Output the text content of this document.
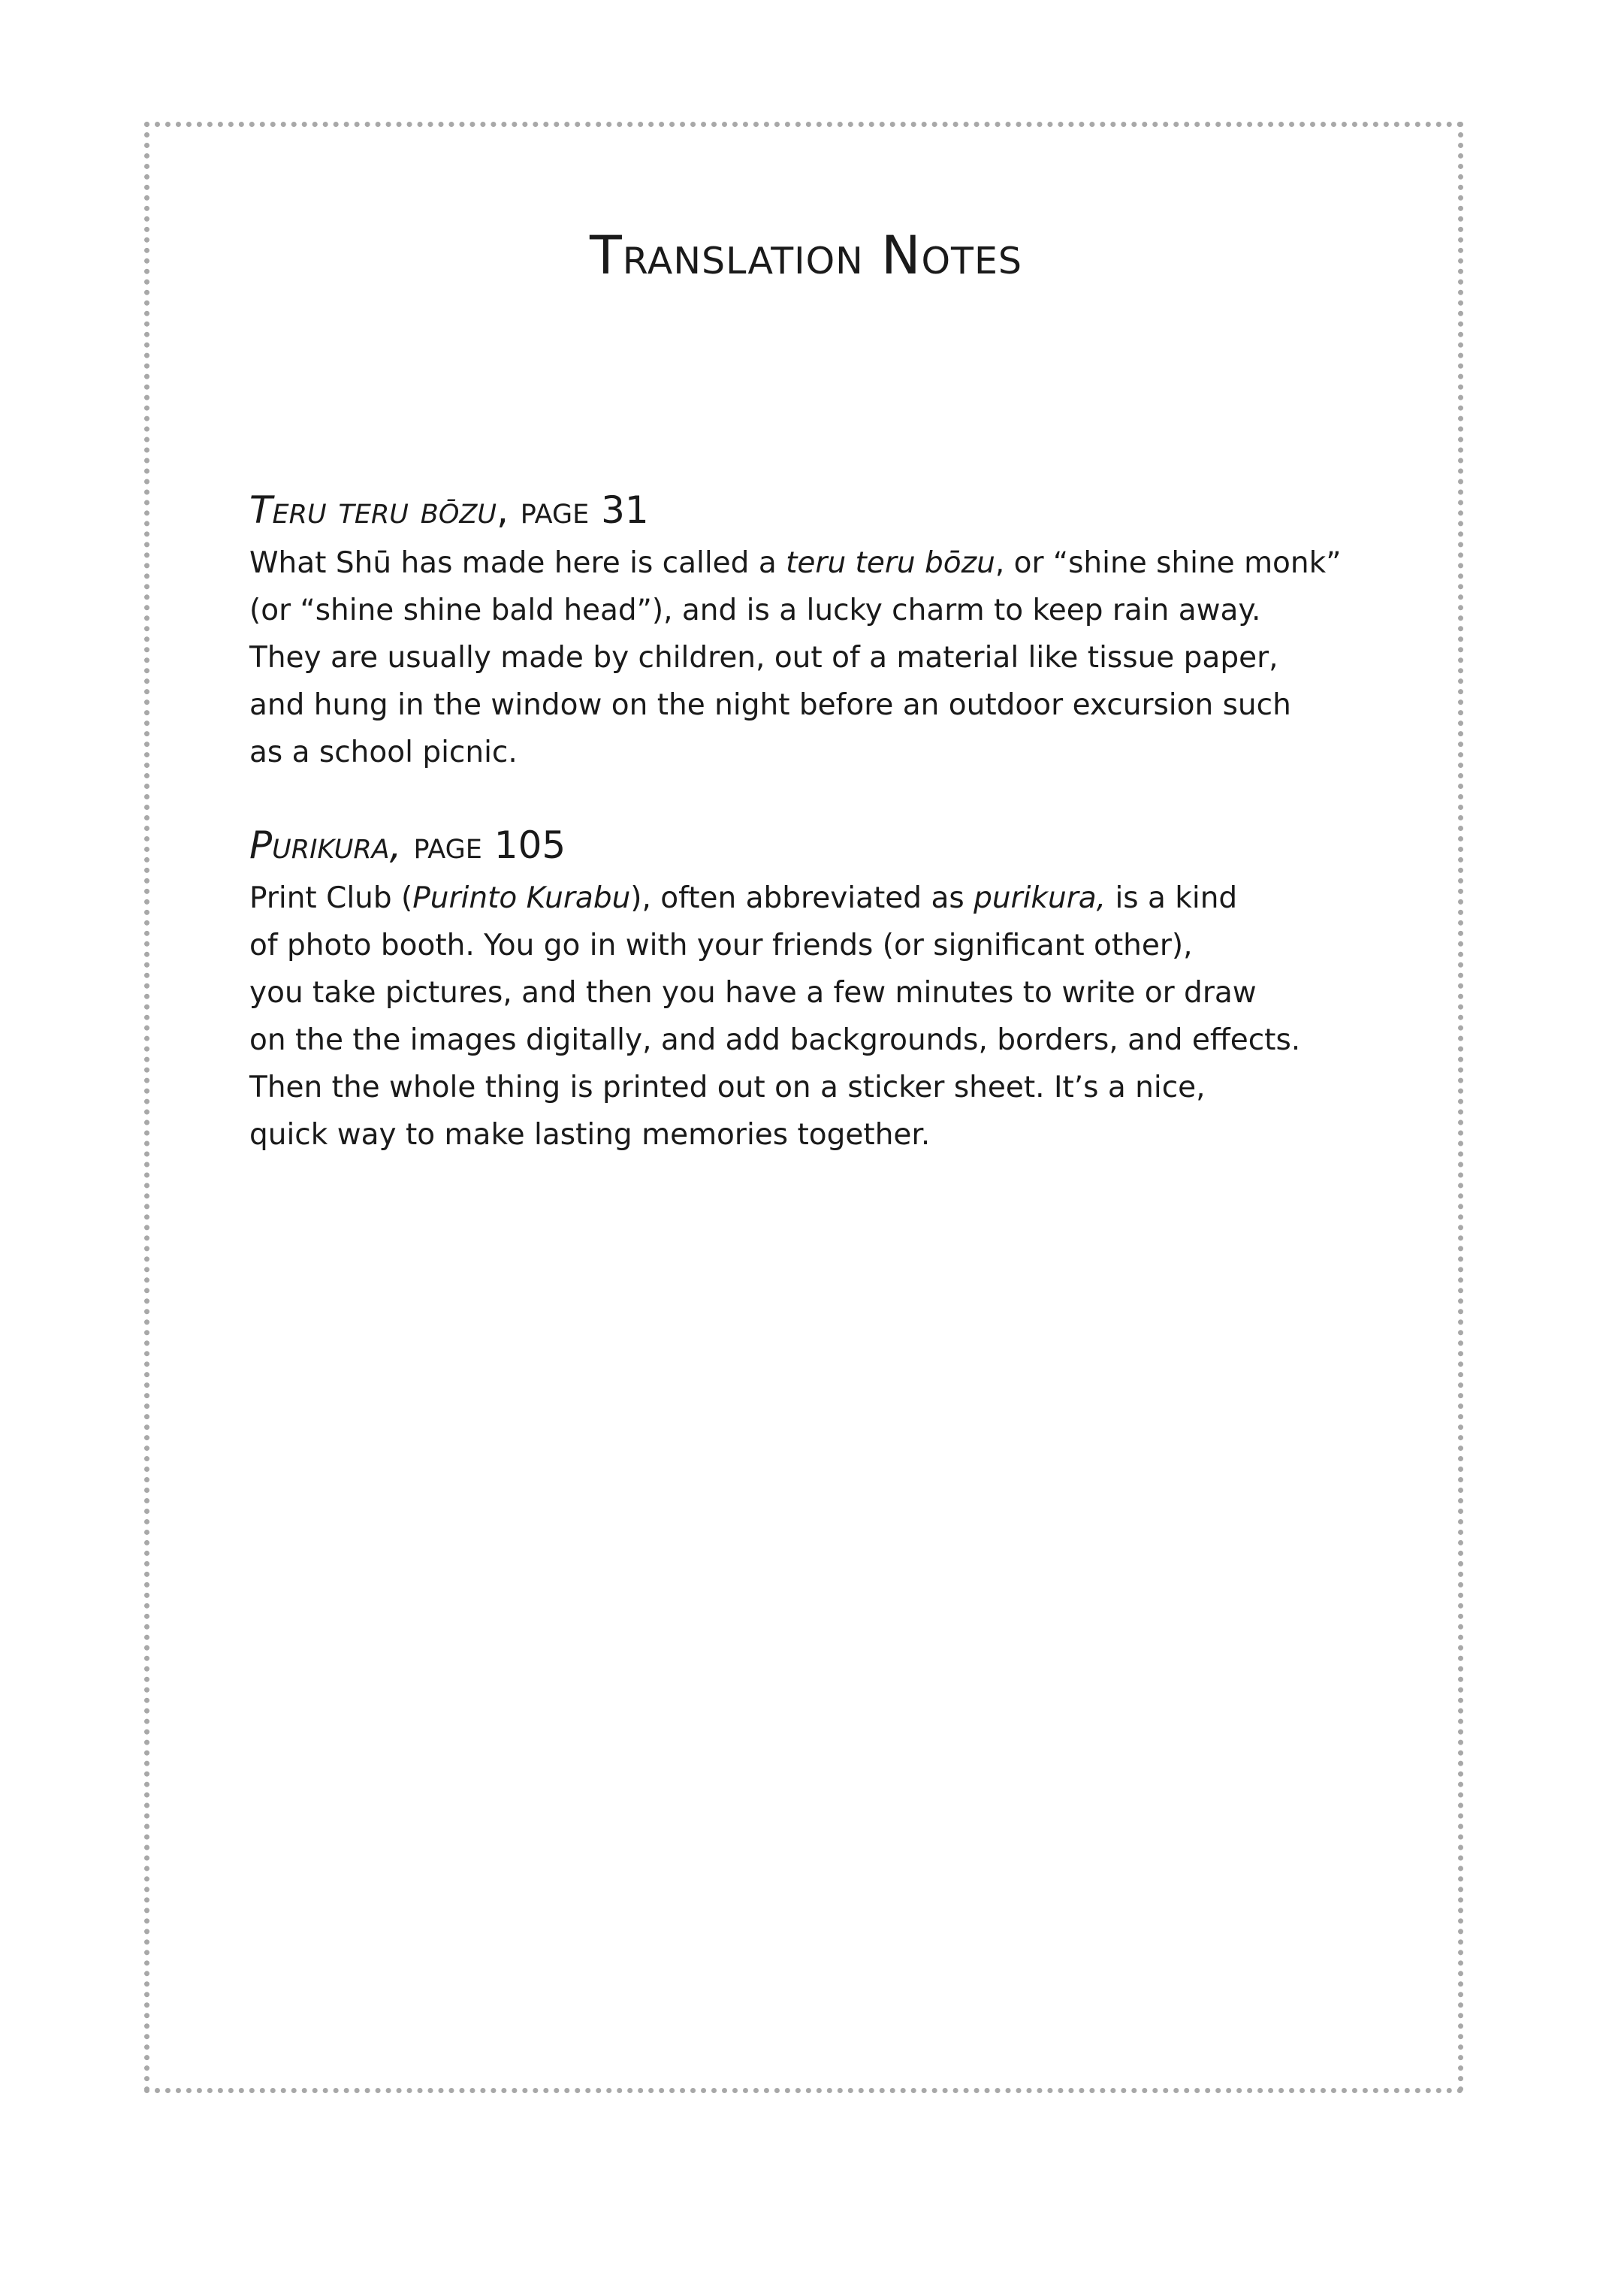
Translation Notes
Teru teru bōzu, page 31
What Shū has made here is called a teru teru bōzu, or “shine shine monk”
(or “shine shine bald head”), and is a lucky charm to keep rain away.
They are usually made by children, out of a material like tissue paper,
and hung in the window on the night before an outdoor excursion such
as a school picnic.
Purikura, page 105
Print Club (Purinto Kurabu), often abbreviated as purikura, is a kind
of photo booth. You go in with your friends (or significant other),
you take pictures, and then you have a few minutes to write or draw
on the the images digitally, and add backgrounds, borders, and effects.
Then the whole thing is printed out on a sticker sheet. It’s a nice,
quick way to make lasting memories together.
